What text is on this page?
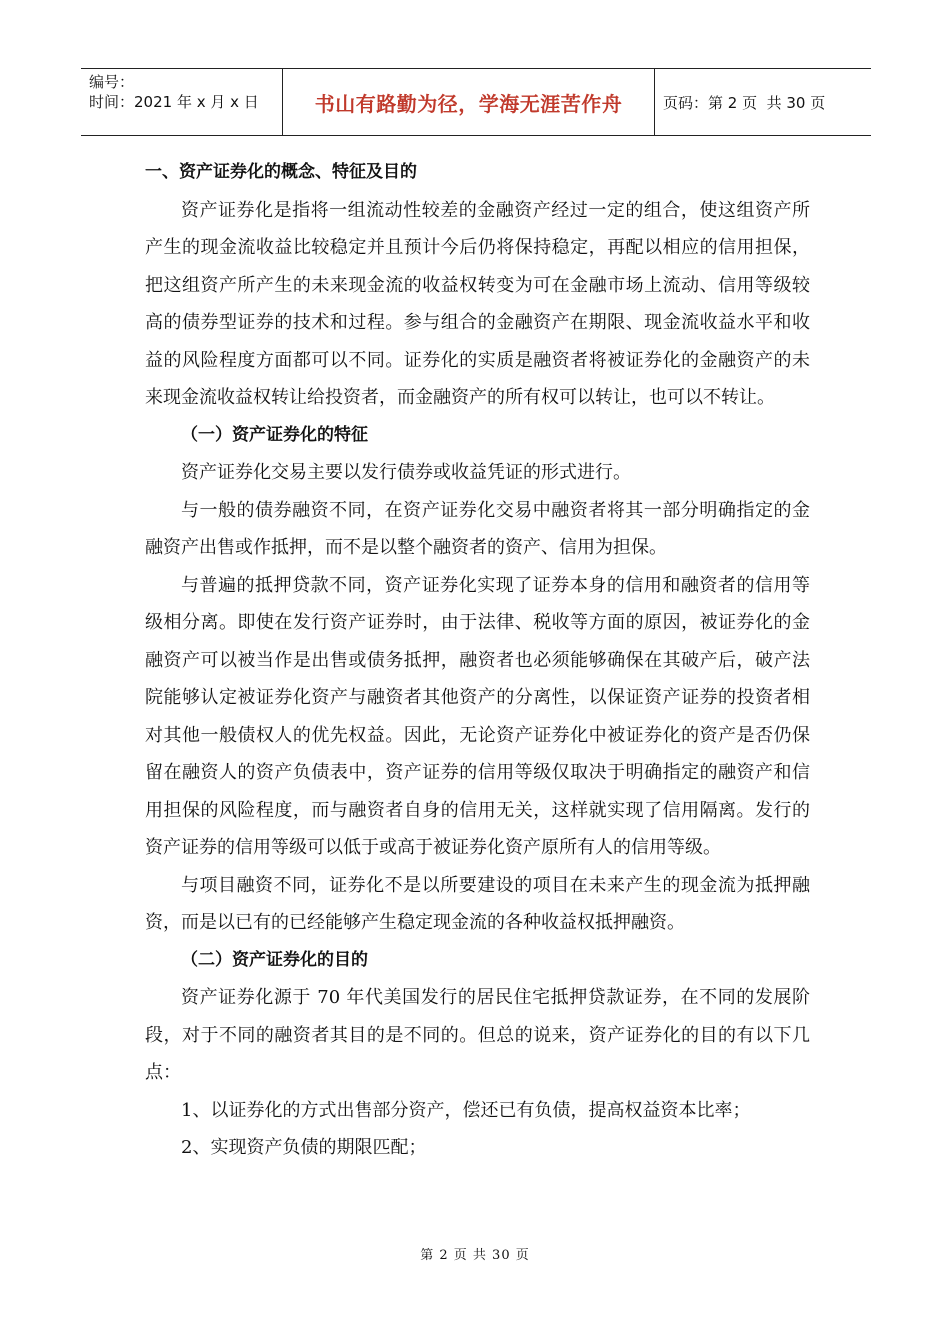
编号：
时间：2021 年 x 月 x 日	书山有路勤为径，学海无涯苦作舟	页码：第 2 页  共 30 页

一、资产证券化的概念、特征及目的

资产证券化是指将一组流动性较差的金融资产经过一定的组合，使这组资产所产生的现金流收益比较稳定并且预计今后仍将保持稳定，再配以相应的信用担保，把这组资产所产生的未来现金流的收益权转变为可在金融市场上流动、信用等级较高的债券型证券的技术和过程。参与组合的金融资产在期限、现金流收益水平和收益的风险程度方面都可以不同。证券化的实质是融资者将被证券化的金融资产的未来现金流收益权转让给投资者，而金融资产的所有权可以转让，也可以不转让。

（一）资产证券化的特征

资产证券化交易主要以发行债券或收益凭证的形式进行。

与一般的债券融资不同，在资产证券化交易中融资者将其一部分明确指定的金融资产出售或作抵押，而不是以整个融资者的资产、信用为担保。

与普遍的抵押贷款不同，资产证券化实现了证券本身的信用和融资者的信用等级相分离。即使在发行资产证券时，由于法律、税收等方面的原因，被证券化的金融资产可以被当作是出售或债务抵押，融资者也必须能够确保在其破产后，破产法院能够认定被证券化资产与融资者其他资产的分离性，以保证资产证券的投资者相对其他一般债权人的优先权益。因此，无论资产证券化中被证券化的资产是否仍保留在融资人的资产负债表中，资产证券的信用等级仅取决于明确指定的融资产和信用担保的风险程度，而与融资者自身的信用无关，这样就实现了信用隔离。发行的资产证券的信用等级可以低于或高于被证券化资产原所有人的信用等级。

与项目融资不同，证券化不是以所要建设的项目在未来产生的现金流为抵押融资，而是以已有的已经能够产生稳定现金流的各种收益权抵押融资。

（二）资产证券化的目的

资产证券化源于 70 年代美国发行的居民住宅抵押贷款证券，在不同的发展阶段，对于不同的融资者其目的是不同的。但总的说来，资产证券化的目的有以下几点：

1、以证券化的方式出售部分资产，偿还已有负债，提高权益资本比率；

2、实现资产负债的期限匹配；

第 2 页 共 30 页
